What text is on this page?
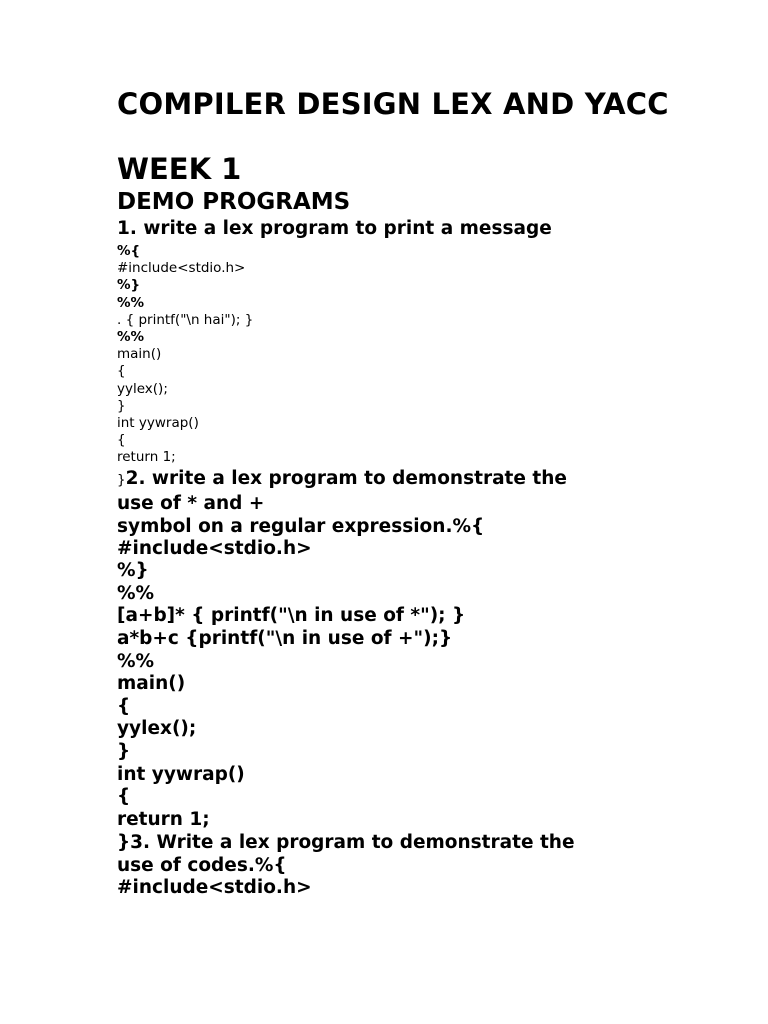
COMPILER DESIGN LEX AND YACC
WEEK 1
DEMO PROGRAMS

1. write a lex program to print a message

%{
#include<stdio.h>
%}
%%
. { printf("\n hai"); }
%%
main()
{
yylex();
}
int yywrap()
{
return 1;

}2. write a lex program to demonstrate the

use of * and +

symbol on a regular expression.%{

#include<stdio.h>
%}
%%
[a+b]* { printf("\n in use of *"); }
a*b+c {printf("\n in use of +");}
%%
main()
{
yylex();
}
int yywrap()
{
return 1;

}3. Write a lex program to demonstrate the

use of codes.%{

#include<stdio.h>
